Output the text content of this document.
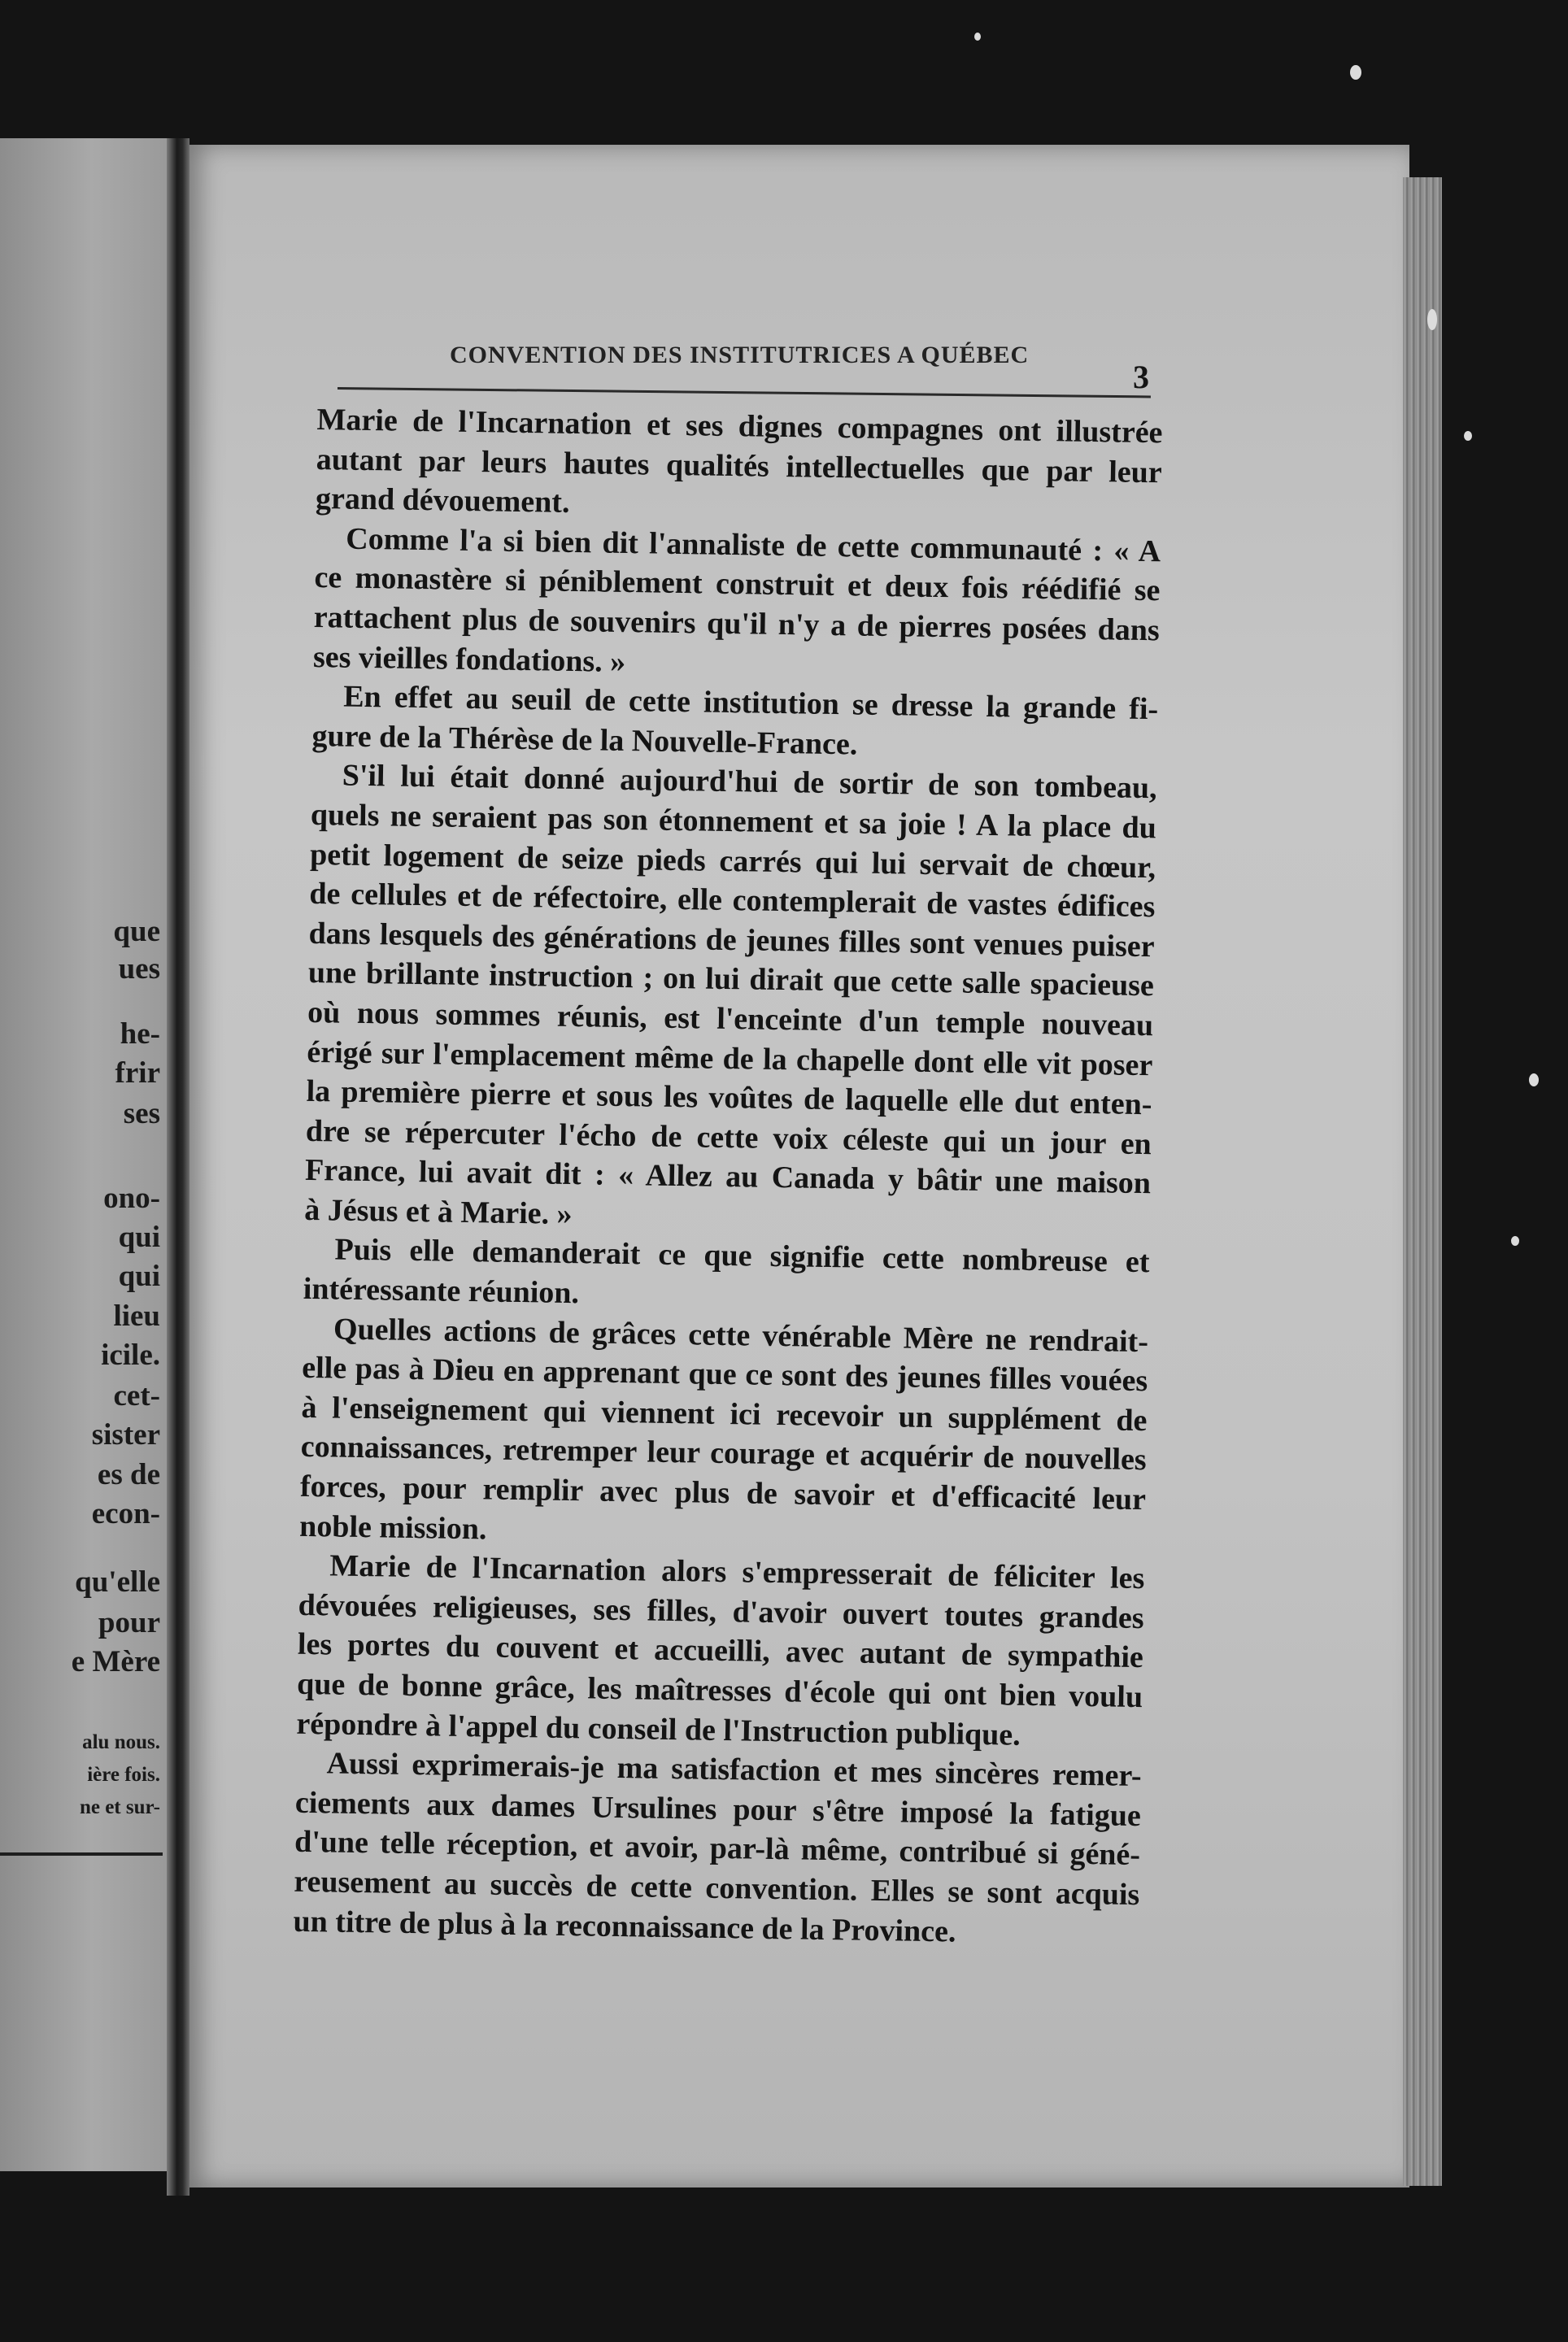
que
ues
he-
frir
ses
ono-
qui
qui
lieu
icile.
cet-
sister
es de
econ-
qu'elle
pour
e Mère
alu nous.
ière fois.
ne et sur-
CONVENTION DES INSTITUTRICES A QUÉBEC
3
Marie de l'Incarnation et ses dignes compagnes ont illustrée
autant par leurs hautes qualités intellectuelles que par leur
grand dévouement.
Comme l'a si bien dit l'annaliste de cette communauté : « A
ce monastère si péniblement construit et deux fois réédifié se
rattachent plus de souvenirs qu'il n'y a de pierres posées dans
ses vieilles fondations. »
En effet au seuil de cette institution se dresse la grande fi-
gure de la Thérèse de la Nouvelle-France.
S'il lui était donné aujourd'hui de sortir de son tombeau,
quels ne seraient pas son étonnement et sa joie ! A la place du
petit logement de seize pieds carrés qui lui servait de chœur,
de cellules et de réfectoire, elle contemplerait de vastes édifices
dans lesquels des générations de jeunes filles sont venues puiser
une brillante instruction ; on lui dirait que cette salle spacieuse
où nous sommes réunis, est l'enceinte d'un temple nouveau
érigé sur l'emplacement même de la chapelle dont elle vit poser
la première pierre et sous les voûtes de laquelle elle dut enten-
dre se répercuter l'écho de cette voix céleste qui un jour en
France, lui avait dit : « Allez au Canada y bâtir une maison
à Jésus et à Marie. »
Puis elle demanderait ce que signifie cette nombreuse et
intéressante réunion.
Quelles actions de grâces cette vénérable Mère ne rendrait-
elle pas à Dieu en apprenant que ce sont des jeunes filles vouées
à l'enseignement qui viennent ici recevoir un supplément de
connaissances, retremper leur courage et acquérir de nouvelles
forces, pour remplir avec plus de savoir et d'efficacité leur
noble mission.
Marie de l'Incarnation alors s'empresserait de féliciter les
dévouées religieuses, ses filles, d'avoir ouvert toutes grandes
les portes du couvent et accueilli, avec autant de sympathie
que de bonne grâce, les maîtresses d'école qui ont bien voulu
répondre à l'appel du conseil de l'Instruction publique.
Aussi exprimerais-je ma satisfaction et mes sincères remer-
ciements aux dames Ursulines pour s'être imposé la fatigue
d'une telle réception, et avoir, par-là même, contribué si géné-
reusement au succès de cette convention. Elles se sont acquis
un titre de plus à la reconnaissance de la Province.
